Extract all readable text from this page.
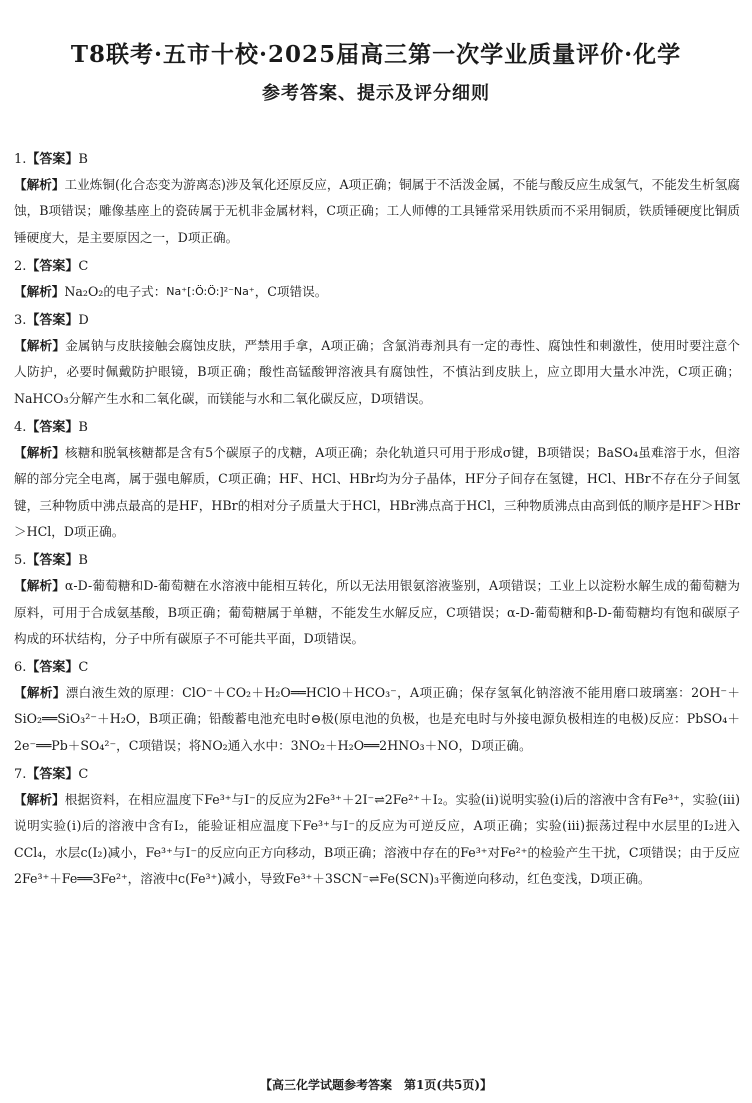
T8联考·五市十校·2025届高三第一次学业质量评价·化学
参考答案、提示及评分细则
1.【答案】B

【解析】工业炼铜(化合态变为游离态)涉及氧化还原反应，A项正确；铜属于不活泼金属，不能与酸反应生成氢气，不能发生析氢腐蚀，B项错误；雕像基座上的瓷砖属于无机非金属材料，C项正确；工人师傅的工具锤常采用铁质而不采用铜质，铁质锤硬度比铜质锤硬度大，是主要原因之一，D项正确。

2.【答案】C

【解析】Na₂O₂的电子式：Na⁺[:Ö:Ö:]²⁻Na⁺，C项错误。

3.【答案】D

【解析】金属钠与皮肤接触会腐蚀皮肤，严禁用手拿，A项正确；含氯消毒剂具有一定的毒性、腐蚀性和刺激性，使用时要注意个人防护，必要时佩戴防护眼镜，B项正确；酸性高锰酸钾溶液具有腐蚀性，不慎沾到皮肤上，应立即用大量水冲洗，C项正确；NaHCO₃分解产生水和二氧化碳，而镁能与水和二氧化碳反应，D项错误。

4.【答案】B

【解析】核糖和脱氧核糖都是含有5个碳原子的戊糖，A项正确；杂化轨道只可用于形成σ键，B项错误；BaSO₄虽难溶于水，但溶解的部分完全电离，属于强电解质，C项正确；HF、HCl、HBr均为分子晶体，HF分子间存在氢键，HCl、HBr不存在分子间氢键，三种物质中沸点最高的是HF，HBr的相对分子质量大于HCl，HBr沸点高于HCl，三种物质沸点由高到低的顺序是HF＞HBr＞HCl，D项正确。

5.【答案】B

【解析】α-D-葡萄糖和D-葡萄糖在水溶液中能相互转化，所以无法用银氨溶液鉴别，A项错误；工业上以淀粉水解生成的葡萄糖为原料，可用于合成氨基酸，B项正确；葡萄糖属于单糖，不能发生水解反应，C项错误；α-D-葡萄糖和β-D-葡萄糖均有饱和碳原子构成的环状结构，分子中所有碳原子不可能共平面，D项错误。

6.【答案】C

【解析】漂白液生效的原理：ClO⁻＋CO₂＋H₂O══HClO＋HCO₃⁻，A项正确；保存氢氧化钠溶液不能用磨口玻璃塞：2OH⁻＋SiO₂══SiO₃²⁻＋H₂O，B项正确；铅酸蓄电池充电时⊖极(原电池的负极，也是充电时与外接电源负极相连的电极)反应：PbSO₄＋2e⁻══Pb＋SO₄²⁻，C项错误；将NO₂通入水中：3NO₂＋H₂O══2HNO₃＋NO，D项正确。

7.【答案】C

【解析】根据资料，在相应温度下Fe³⁺与I⁻的反应为2Fe³⁺＋2I⁻⇌2Fe²⁺＋I₂。实验(ⅱ)说明实验(ⅰ)后的溶液中含有Fe³⁺，实验(ⅲ)说明实验(ⅰ)后的溶液中含有I₂，能验证相应温度下Fe³⁺与I⁻的反应为可逆反应，A项正确；实验(ⅲ)振荡过程中水层里的I₂进入CCl₄，水层c(I₂)减小，Fe³⁺与I⁻的反应向正方向移动，B项正确；溶液中存在的Fe³⁺对Fe²⁺的检验产生干扰，C项错误；由于反应2Fe³⁺＋Fe══3Fe²⁺，溶液中c(Fe³⁺)减小，导致Fe³⁺＋3SCN⁻⇌Fe(SCN)₃平衡逆向移动，红色变浅，D项正确。

【高三化学试题参考答案　第1页(共5页)】
